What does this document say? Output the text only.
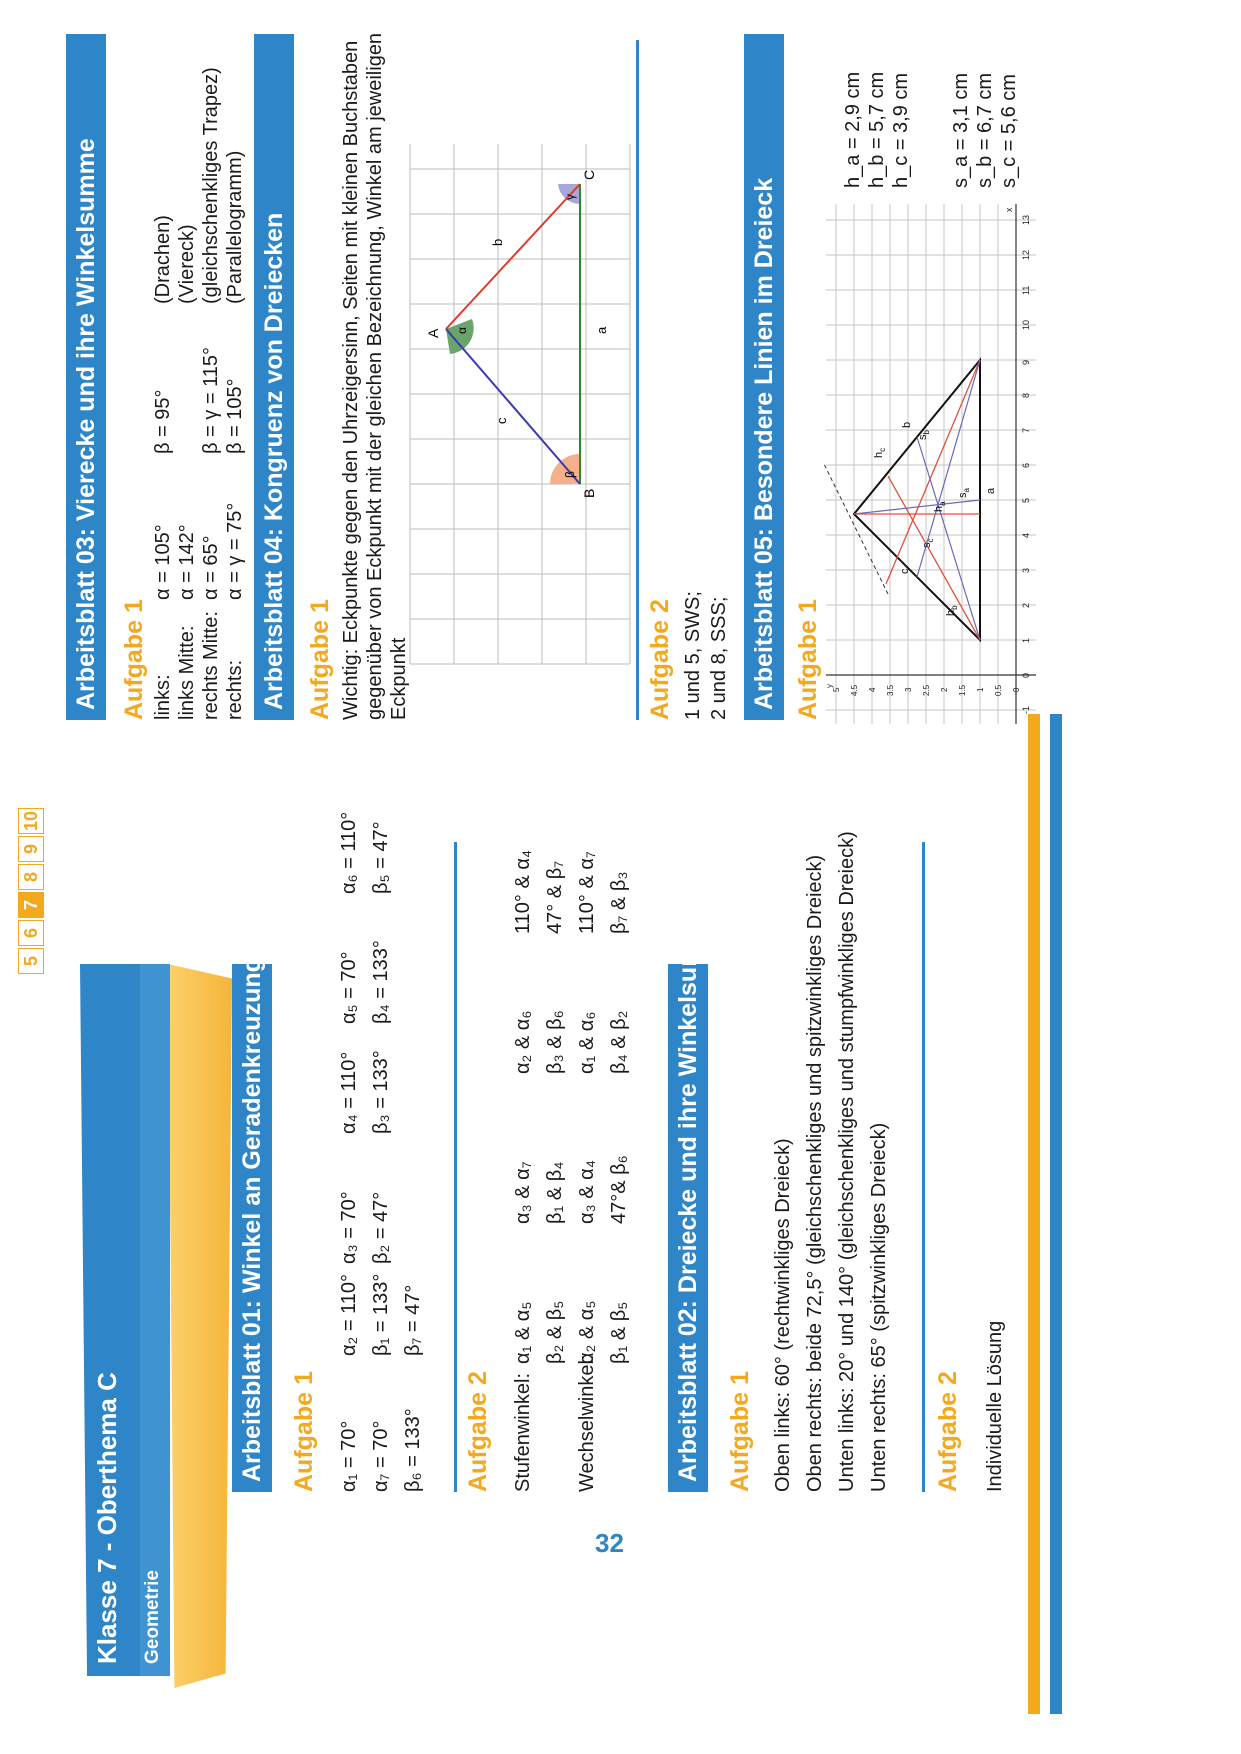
Klasse 7 - Oberthema C Geometrie
32
5
6
7
8
9
10
Arbeitsblatt 01: Winkel an Geradenkreuzungen Aufgabe 1 α₁ = 70°
α₂ = 110°
α₃ = 70°
α₄ = 110°
α₅ = 70°
α₆ = 110°
α₇ = 70°
β₁ = 133°
β₂ = 47°
β₃ = 133°
β₄ = 133°
β₅ = 47°
β₆ = 133°
β₇ = 47°
Aufgabe 2 Stufenwinkel:
α₁ & α₅
α₃ & α₇
α₂ & α₆
110° & α₄
β₂ & β₅
β₁ & β₄
β₃ & β₆
47° & β₇
Wechselwinkel:
α₂ & α₅
α₃ & α₄
α₁ & α₆
110° & α₇
β₁ & β₅
47°& β₆
β₄ & β₂
β₇ & β₃
Arbeitsblatt 02: Dreiecke und ihre Winkelsumme Aufgabe 1 Oben links: 60° (rechtwinkliges Dreieck) Oben rechts: beide 72,5° (gleichschenkliges und spitzwinkliges Dreieck) Unten links: 20° und 140° (gleichschenkliges und stumpfwinkliges Dreieck) Unten rechts: 65° (spitzwinkliges Dreieck) Aufgabe 2 Individuelle Lösung
Arbeitsblatt 03: Vierecke und ihre Winkelsumme Aufgabe 1 links:
α = 105°
β = 95°
(Drachen)
links Mitte:
α = 142°
(Viereck)
rechts Mitte:
α = 65°
β = γ = 115°
(gleichschenkliges Trapez)
rechts:
α = γ = 75°
β = 105°
(Parallelogramm) Arbeitsblatt 04: Kongruenz von Dreiecken Aufgabe 1 Wichtig: Eckpunkte gegen den Uhrzeigersinn, Seiten mit kleinen Buchstaben gegenüber von Eckpunkt mit der gleichen Bezeichnung, Winkel am jeweiligen Eckpunkt
B
A
C
a
b
c
β
α
γ
Aufgabe 2 1 und 5, SWS; 2 und 8, SSS; Arbeitsblatt 05: Besondere Linien im Dreieck Aufgabe 1	-1
0
1
2
3
4
5
6
7
8
9
10
11
12
13
x
0
0.5
1
1.5
2
2.5
3
3.5
4
4.5
5
y
a
b
c
$h_a$
$h_b$
$h_c$
$s_a$
$s_b$
$s_c$
h_a = 2,9 cm h_b = 5,7 cm h_c = 3,9 cm s_a = 3,1 cm s_b = 6,7 cm s_c = 5,6 cm
